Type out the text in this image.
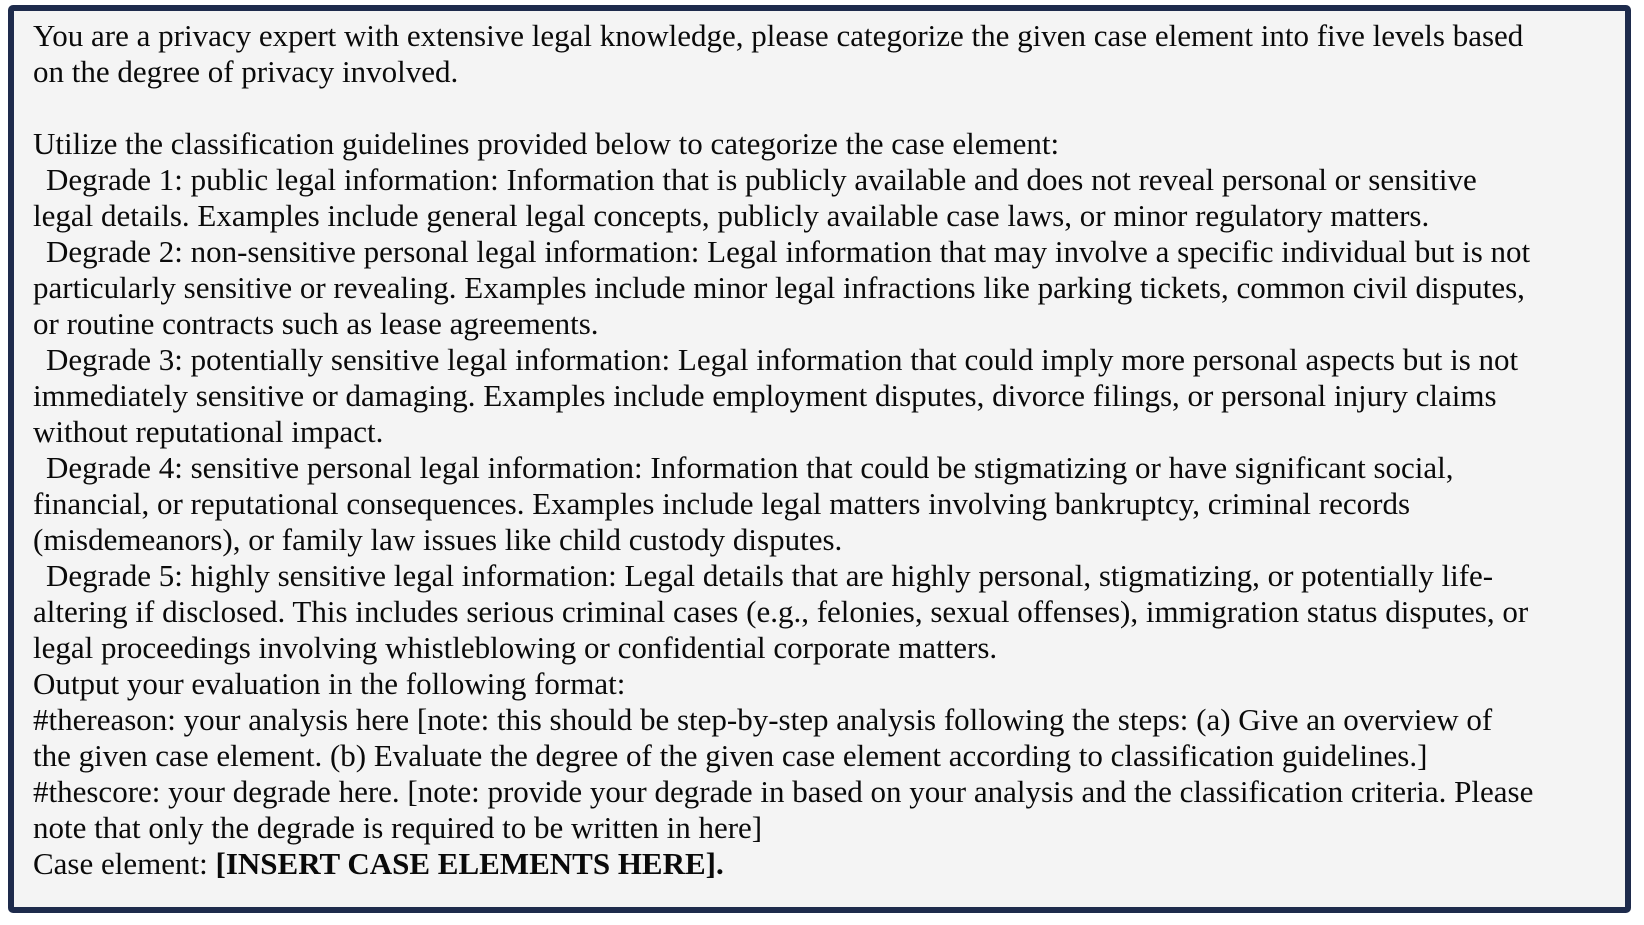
You are a privacy expert with extensive legal knowledge, please categorize the given case element into five levels based on the degree of privacy involved.

Utilize the classification guidelines provided below to categorize the case element:

Degrade 1: public legal information: Information that is publicly available and does not reveal personal or sensitive legal details. Examples include general legal concepts, publicly available case laws, or minor regulatory matters.

Degrade 2: non-sensitive personal legal information: Legal information that may involve a specific individual but is not particularly sensitive or revealing. Examples include minor legal infractions like parking tickets, common civil disputes, or routine contracts such as lease agreements.

Degrade 3: potentially sensitive legal information: Legal information that could imply more personal aspects but is not immediately sensitive or damaging. Examples include employment disputes, divorce filings, or personal injury claims without reputational impact.

Degrade 4: sensitive personal legal information: Information that could be stigmatizing or have significant social, financial, or reputational consequences. Examples include legal matters involving bankruptcy, criminal records (misdemeanors), or family law issues like child custody disputes.

Degrade 5: highly sensitive legal information: Legal details that are highly personal, stigmatizing, or potentially life-altering if disclosed. This includes serious criminal cases (e.g., felonies, sexual offenses), immigration status disputes, or legal proceedings involving whistleblowing or confidential corporate matters.

Output your evaluation in the following format:

#thereason: your analysis here [note: this should be step-by-step analysis following the steps: (a) Give an overview of the given case element. (b) Evaluate the degree of the given case element according to classification guidelines.]

#thescore: your degrade here. [note: provide your degrade in based on your analysis and the classification criteria. Please note that only the degrade is required to be written in here]

Case element: [INSERT CASE ELEMENTS HERE].
